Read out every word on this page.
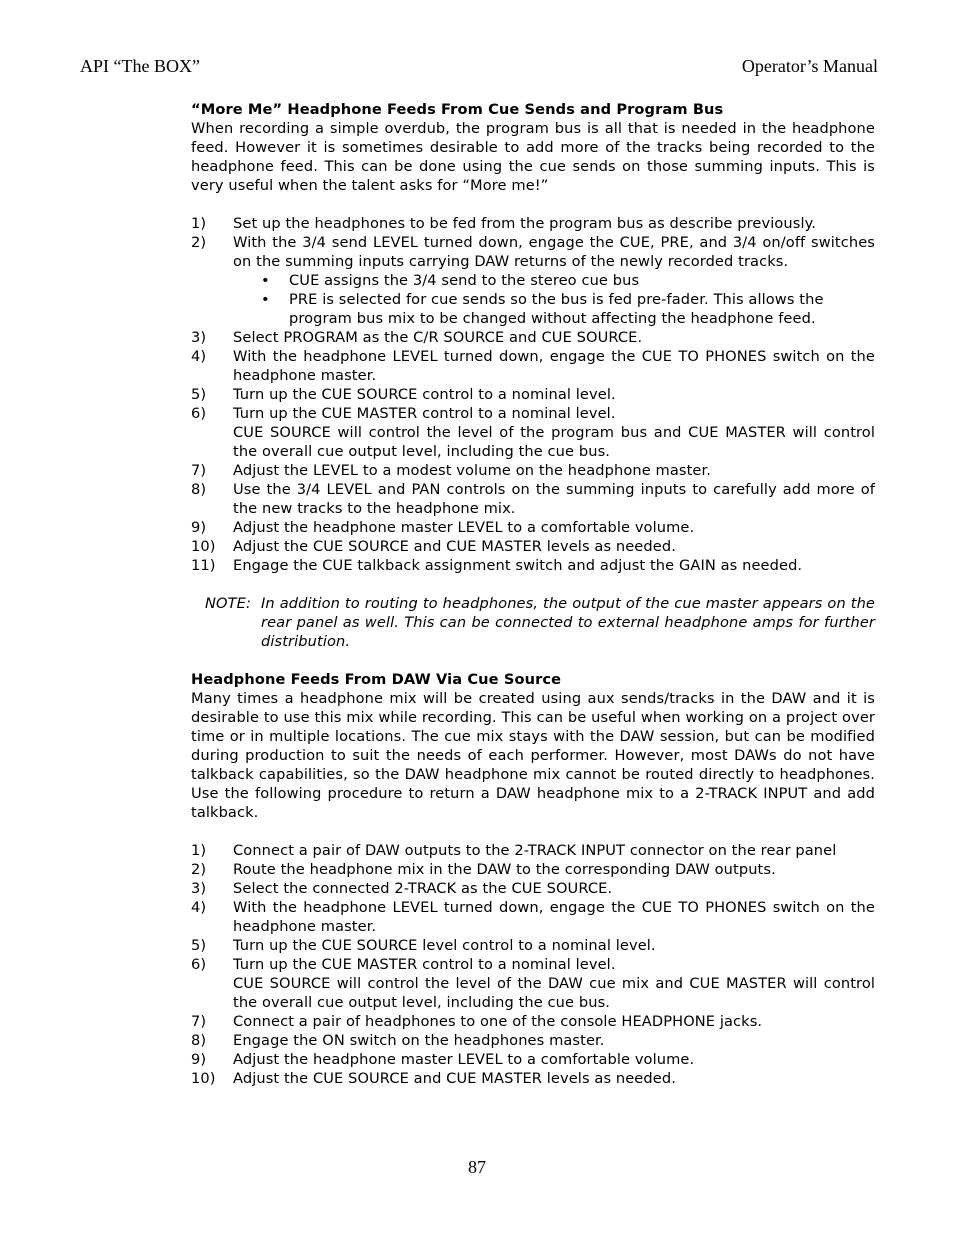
API “The BOX”	Operator’s Manual

“More Me” Headphone Feeds From Cue Sends and Program Bus

When recording a simple overdub, the program bus is all that is needed in the headphone feed. However it is sometimes desirable to add more of the tracks being recorded to the headphone feed. This can be done using the cue sends on those summing inputs. This is very useful when the talent asks for “More me!”

1) Set up the headphones to be fed from the program bus as describe previously.
2) With the 3/4 send LEVEL turned down, engage the CUE, PRE, and 3/4 on/off switches on the summing inputs carrying DAW returns of the newly recorded tracks.
• CUE assigns the 3/4 send to the stereo cue bus
• PRE is selected for cue sends so the bus is fed pre-fader. This allows the program bus mix to be changed without affecting the headphone feed.
3) Select PROGRAM as the C/R SOURCE and CUE SOURCE.
4) With the headphone LEVEL turned down, engage the CUE TO PHONES switch on the headphone master.
5) Turn up the CUE SOURCE control to a nominal level.
6) Turn up the CUE MASTER control to a nominal level.
CUE SOURCE will control the level of the program bus and CUE MASTER will control the overall cue output level, including the cue bus.
7) Adjust the LEVEL to a modest volume on the headphone master.
8) Use the 3/4 LEVEL and PAN controls on the summing inputs to carefully add more of the new tracks to the headphone mix.
9) Adjust the headphone master LEVEL to a comfortable volume.
10) Adjust the CUE SOURCE and CUE MASTER levels as needed.
11) Engage the CUE talkback assignment switch and adjust the GAIN as needed.
NOTE: In addition to routing to headphones, the output of the cue master appears on the rear panel as well. This can be connected to external headphone amps for further distribution.

Headphone Feeds From DAW Via Cue Source

Many times a headphone mix will be created using aux sends/tracks in the DAW and it is desirable to use this mix while recording. This can be useful when working on a project over time or in multiple locations. The cue mix stays with the DAW session, but can be modified during production to suit the needs of each performer. However, most DAWs do not have talkback capabilities, so the DAW headphone mix cannot be routed directly to headphones. Use the following procedure to return a DAW headphone mix to a 2-TRACK INPUT and add talkback.

1) Connect a pair of DAW outputs to the 2-TRACK INPUT connector on the rear panel
2) Route the headphone mix in the DAW to the corresponding DAW outputs.
3) Select the connected 2-TRACK as the CUE SOURCE.
4) With the headphone LEVEL turned down, engage the CUE TO PHONES switch on the headphone master.
5) Turn up the CUE SOURCE level control to a nominal level.
6) Turn up the CUE MASTER control to a nominal level.
CUE SOURCE will control the level of the DAW cue mix and CUE MASTER will control the overall cue output level, including the cue bus.
7) Connect a pair of headphones to one of the console HEADPHONE jacks.
8) Engage the ON switch on the headphones master.
9) Adjust the headphone master LEVEL to a comfortable volume.
10) Adjust the CUE SOURCE and CUE MASTER levels as needed.
87
